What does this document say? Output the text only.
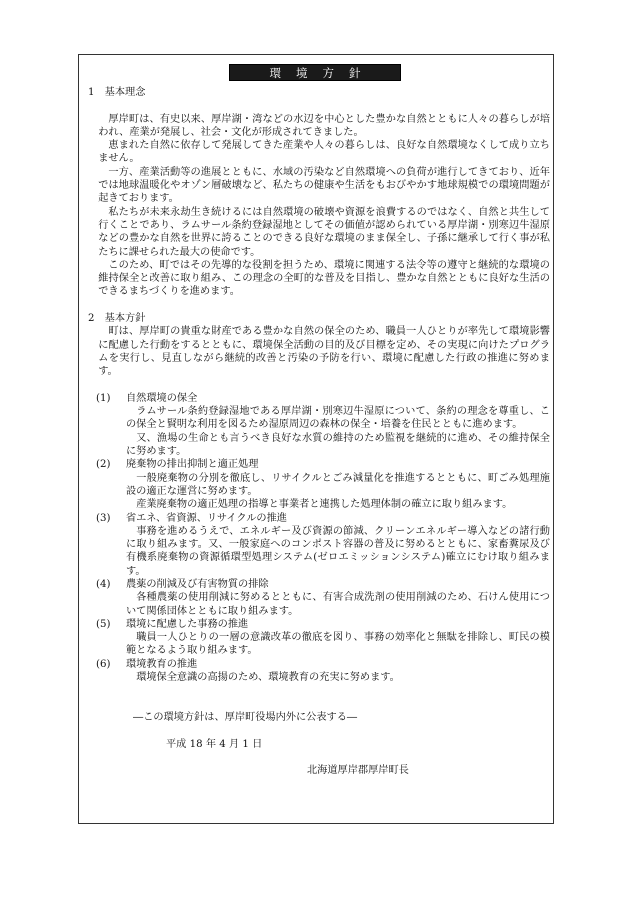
環境方針

1　基本理念

厚岸町は、有史以来、厚岸湖・湾などの水辺を中心とした豊かな自然とともに人々の暮らしが培われ、産業が発展し、社会・文化が形成されてきました。

恵まれた自然に依存して発展してきた産業や人々の暮らしは、良好な自然環境なくして成り立ちません。

一方、産業活動等の進展とともに、水域の汚染など自然環境への負荷が進行してきており、近年では地球温暖化やオゾン層破壊など、私たちの健康や生活をもおびやかす地球規模での環境問題が起きております。

私たちが未来永劫生き続けるには自然環境の破壊や資源を浪費するのではなく、自然と共生して行くことであり、ラムサール条約登録湿地としてその価値が認められている厚岸湖・別寒辺牛湿原などの豊かな自然を世界に誇ることのできる良好な環境のまま保全し、子孫に継承して行く事が私たちに課せられた最大の使命です。

このため、町ではその先導的な役割を担うため、環境に関連する法令等の遵守と継続的な環境の維持保全と改善に取り組み、この理念の全町的な普及を目指し、豊かな自然とともに良好な生活のできるまちづくりを進めます。

2　基本方針

町は、厚岸町の貴重な財産である豊かな自然の保全のため、職員一人ひとりが率先して環境影響に配慮した行動をするとともに、環境保全活動の目的及び目標を定め、その実現に向けたプログラムを実行し、見直しながら継続的改善と汚染の予防を行い、環境に配慮した行政の推進に努めます。

(1)	自然環境の保全

ラムサール条約登録湿地である厚岸湖・別寒辺牛湿原について、条約の理念を尊重し、この保全と賢明な利用を図るため湿原周辺の森林の保全・培養を住民とともに進めます。

又、漁場の生命とも言うべき良好な水質の維持のため監視を継続的に進め、その維持保全に努めます。

(2)	廃棄物の排出抑制と適正処理

一般廃棄物の分別を徹底し、リサイクルとごみ減量化を推進するとともに、町ごみ処理施設の適正な運営に努めます。

産業廃棄物の適正処理の指導と事業者と連携した処理体制の確立に取り組みます。

(3)	省エネ、省資源、リサイクルの推進

事務を進めるうえで、エネルギー及び資源の節減、クリーンエネルギー導入などの諸行動に取り組みます。又、一般家庭へのコンポスト容器の普及に努めるとともに、家畜糞尿及び有機系廃棄物の資源循環型処理システム(ゼロエミッションシステム)確立にむけ取り組みます。

(4)	農薬の削減及び有害物質の排除

各種農薬の使用削減に努めるとともに、有害合成洗剤の使用削減のため、石けん使用について関係団体とともに取り組みます。

(5)	環境に配慮した事務の推進

職員一人ひとりの一層の意識改革の徹底を図り、事務の効率化と無駄を排除し、町民の模範となるよう取り組みます。

(6)	環境教育の推進

環境保全意識の高揚のため、環境教育の充実に努めます。

―この環境方針は、厚岸町役場内外に公表する―

平成 18 年 4 月 1 日

北海道厚岸郡厚岸町長
